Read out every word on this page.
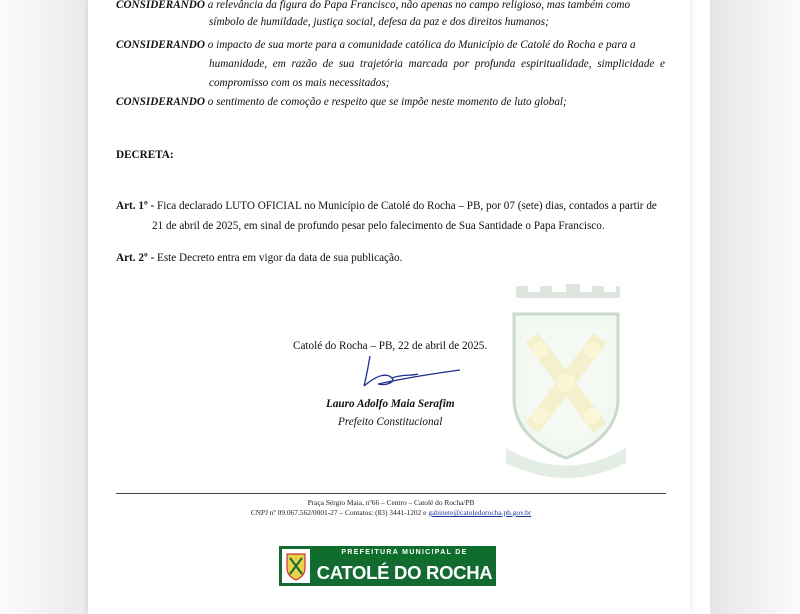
CONSIDERANDO a relevância da figura do Papa Francisco, não apenas no campo religioso, mas também como
símbolo de humildade, justiça social, defesa da paz e dos direitos humanos;
CONSIDERANDO o impacto de sua morte para a comunidade católica do Município de Catolé do Rocha e para a
humanidade, em razão de sua trajetória marcada por profunda espiritualidade, simplicidade e
compromisso com os mais necessitados;
CONSIDERANDO o sentimento de comoção e respeito que se impõe neste momento de luto global;
DECRETA:
Art. 1º - Fica declarado LUTO OFICIAL no Município de Catolé do Rocha – PB, por 07 (sete) dias, contados a partir de
21 de abril de 2025, em sinal de profundo pesar pelo falecimento de Sua Santidade o Papa Francisco.
Art. 2º - Este Decreto entra em vigor da data de sua publicação.
Catolé do Rocha – PB, 22 de abril de 2025.
Lauro Adolfo Maia Serafim
Prefeito Constitucional
Praça Sérgio Maia, nº66 – Centro – Catolé do Rocha/PB
CNPJ nº 09.067.562/0001-27 – Contatos: (83) 3441-1202 e gabinete@catoledorocha.pb.gov.br
PREFEITURA MUNICIPAL DE
CATOLÉ DO ROCHA
